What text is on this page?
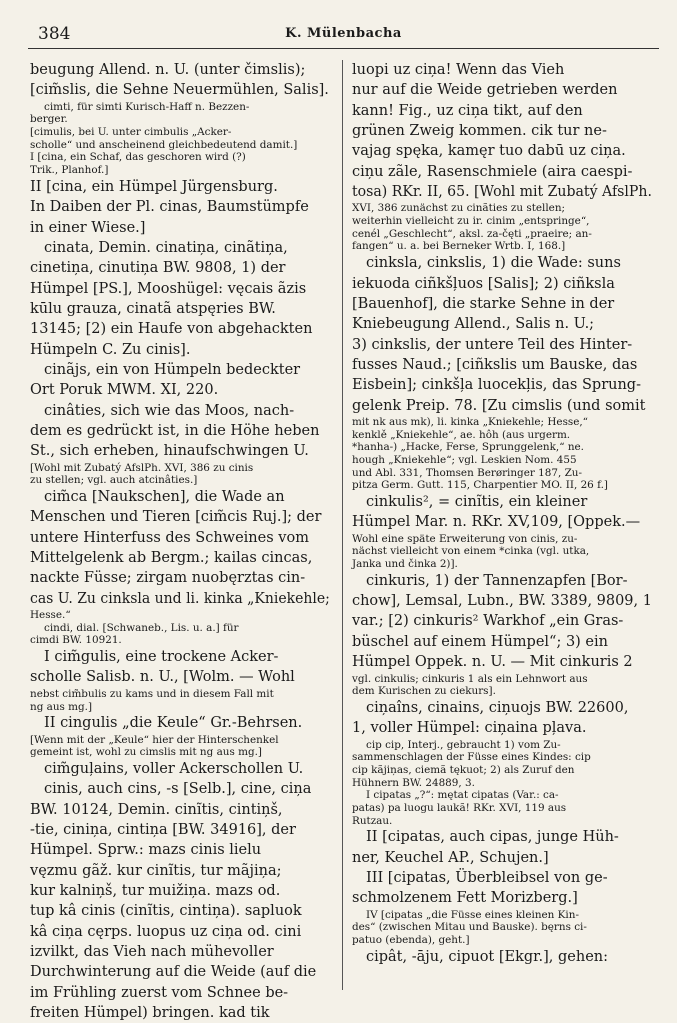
384	K. Mülenbacha
beugung Allend. n. U. (unter čimslis);
[cim̃slis, die Sehne Neuermühlen, Salis].
cimti, für simti Kurisch-Haff n. Bezzen-
berger.
[cimulis, bei U. unter cimbulis „Acker-
scholle“ und anscheinend gleichbedeutend damit.]
I [cina, ein Schaf, das geschoren wird (?)
Trik., Planhof.]
II [cina, ein Hümpel Jürgensburg.
In Daiben der Pl. cinas, Baumstümpfe
in einer Wiese.]
cinata, Demin. cinatiņa, cinãtiņa,
cinetiņa, cinutiņa BW. 9808, 1) der
Hümpel [PS.], Mooshügel: vęcais ãzis
kūlu grauza, cinatã atspęries BW.
13145; [2) ein Haufe von abgehackten
Hümpeln C. Zu cinis].
cinãjs, ein von Hümpeln bedeckter
Ort Poruk MWM. XI, 220.
cinâties, sich wie das Moos, nach-
dem es gedrückt ist, in die Höhe heben
St., sich erheben, hinaufschwingen U.
[Wohl mit Zubatý AfslPh. XVI, 386 zu cinis
zu stellen; vgl. auch atcinâties.]
cim̃ca [Naukschen], die Wade an
Menschen und Tieren [cim̃cis Ruj.]; der
untere Hinterfuss des Schweines vom
Mittelgelenk ab Bergm.; kailas cincas,
nackte Füsse; zirgam nuobęrztas cin-
cas U. Zu cinksla und li. kinka „Kniekehle;
Hesse.“
cindi, dial. [Schwaneb., Lis. u. a.] für
cimdi BW. 10921.
I cim̃gulis, eine trockene Acker-
scholle Salisb. n. U., [Wolm. — Wohl
nebst cim̃bulis zu kams und in diesem Fall mit
ng aus mg.]
II cingulis „die Keule“ Gr.-Behrsen.
[Wenn mit der „Keule“ hier der Hinterschenkel
gemeint ist, wohl zu cimslis mit ng aus mg.]
cim̃guļains, voller Ackerschollen U.
cinis, auch cins, -s [Selb.], cine, ciņa
BW. 10124, Demin. cinĩtis, cintiņš,
-tie, ciniņa, cintiņa [BW. 34916], der
Hümpel. Sprw.: mazs cinis lielu
vęzmu gãž. kur cinĩtis, tur mãjiņa;
kur kalniņš, tur muižiņa. mazs od.
tup kâ cinis (cinĩtis, cintiņa). sapluok
kâ ciņa cęrps. luopus uz ciņa od. cini
izvilkt, das Vieh nach mühevoller
Durchwinterung auf die Weide (auf die
im Frühling zuerst vom Schnee be-
freiten Hümpel) bringen. kad tik
luopi uz ciņa! Wenn das Vieh
nur auf die Weide getrieben werden
kann! Fig., uz ciņa tikt, auf den
grünen Zweig kommen. cik tur ne-
vajag spęka, kamęr tuo dabū uz ciņa.
ciņu zãle, Rasenschmiele (aira caespi-
tosa) RKr. II, 65. [Wohl mit Zubatý AfslPh.
XVI, 386 zunächst zu cinãties zu stellen;
weiterhin vielleicht zu ir. cinim „entspringe“,
cenél „Geschlecht“, aksl. za-čęti „praeire; an-
fangen“ u. a. bei Berneker Wrtb. I, 168.]
cinksla, cinkslis, 1) die Wade: suns
iekuoda ciñkšļuos [Salis]; 2) ciñksla
[Bauenhof], die starke Sehne in der
Kniebeugung Allend., Salis n. U.;
3) cinkslis, der untere Teil des Hinter-
fusses Naud.; [ciñkslis um Bauske, das
Eisbein]; cinkšļa luocekl̦is, das Sprung-
gelenk Preip. 78. [Zu cimslis (und somit
mit nk aus mk), li. kinka „Kniekehle; Hesse,“
kenklě „Kniekehle“, ae. hôh (aus urgerm.
*hanha-) „Hacke, Ferse, Sprunggelenk,“ ne.
hough „Kniekehle“; vgl. Leskien Nom. 455
und Abl. 331, Thomsen Berøringer 187, Zu-
pitza Germ. Gutt. 115, Charpentier MO. II, 26 f.]
cinkulis², = cinĩtis, ein kleiner
Hümpel Mar. n. RKr. XV,109, [Oppek.—
Wohl eine späte Erweiterung von cinis, zu-
nächst vielleicht von einem *cinka (vgl. utka,
Janka und činka 2)].
cinkuris, 1) der Tannenzapfen [Bor-
chow], Lemsal, Lubn., BW. 3389, 9809, 1
var.; [2) cinkuris² Warkhof „ein Gras-
büschel auf einem Hümpel“; 3) ein
Hümpel Oppek. n. U. — Mit cinkuris 2
vgl. cinkulis; cinkuris 1 als ein Lehnwort aus
dem Kurischen zu ciekurs].
ciņaîns, cinains, ciņuojs BW. 22600,
1, voller Hümpel: ciņaina pļava.
cip cip, Interj., gebraucht 1) vom Zu-
sammenschlagen der Füsse eines Kindes: cip
cip kãjiņas, ciemã tękuot; 2) als Zuruf den
Hühnern BW. 24889, 3.
I cipatas „?“: mętat cipatas (Var.: ca-
patas) pa luogu laukã! RKr. XVI, 119 aus
Rutzau.
II [cipatas, auch cipas, junge Hüh-
ner, Keuchel AP., Schujen.]
III [cipatas, Überbleibsel von ge-
schmolzenem Fett Morizberg.]
IV [cipatas „die Füsse eines kleinen Kin-
des“ (zwischen Mitau und Bauske). bęrns ci-
patuo (ebenda), geht.]
cipât, -āju, cipuot [Ekgr.], gehen:
